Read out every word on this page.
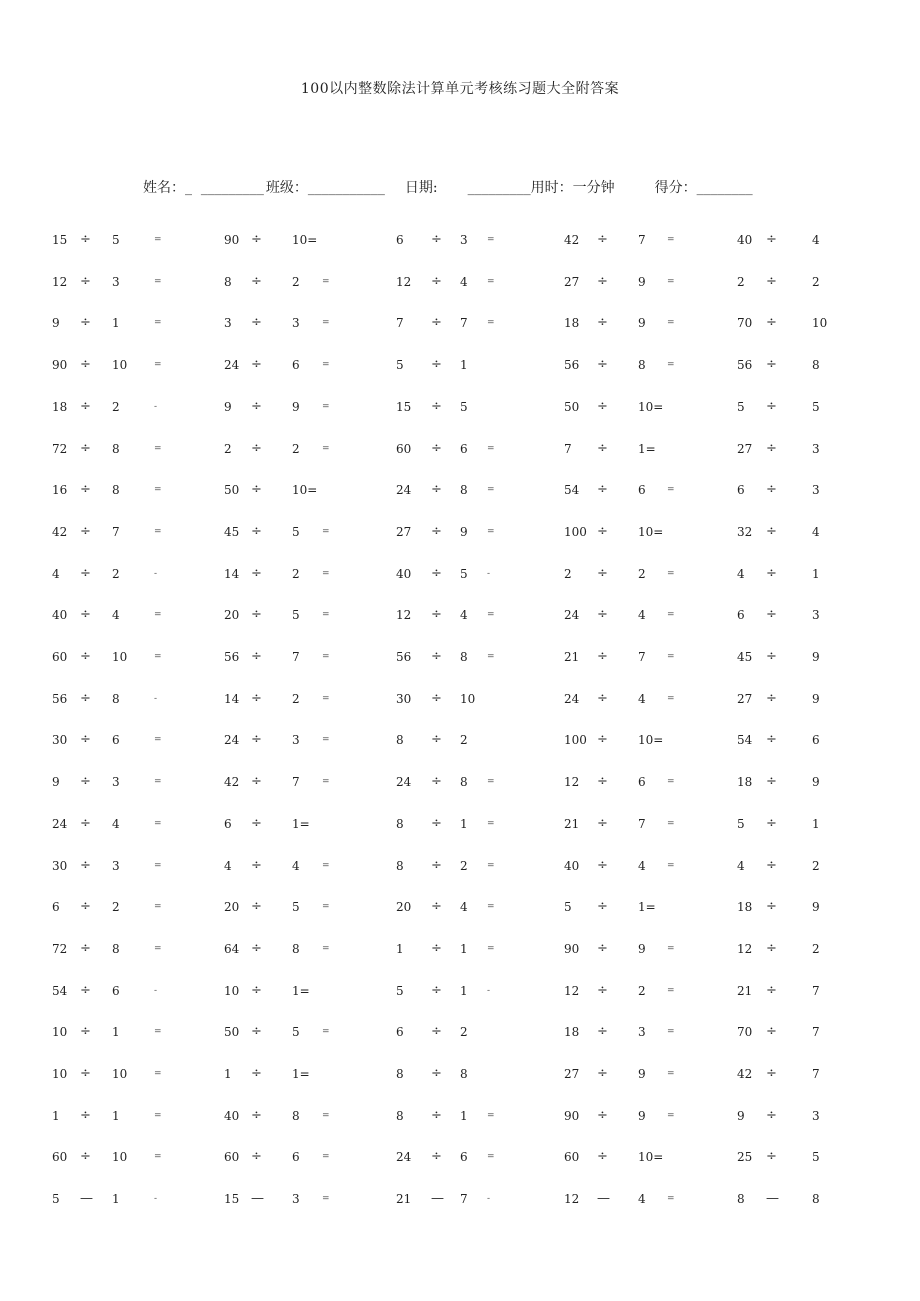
100以内整数除法计算单元考核练习题大全附答案
姓名：_  _________ 班级：___________ 日期: _________用时：一分钟	得分：________
15 ÷ 5	=	90 ÷	10=	6 ÷ 3 =	42 ÷	7 =	40 ÷	4
12 ÷ 3	=	8 ÷	2 =	12 ÷ 4 =	27 ÷	9 =	2 ÷	2
9 ÷ 1	=	3 ÷	3 =	7 ÷ 7 =	18 ÷	9 =	70 ÷	10
90 ÷ 10	=	24 ÷	6 =	5 ÷ 1	56 ÷	8 =	56 ÷	8
18 ÷ 2	-	9 ÷	9 =	15 ÷ 5	50 ÷	10=	5 ÷	5
72 ÷ 8	=	2 ÷	2 =	60 ÷ 6 =	7 ÷	1=	27 ÷	3
16 ÷ 8	=	50 ÷	10=	24 ÷ 8 =	54 ÷	6 =	6 ÷	3
42 ÷ 7	=	45 ÷	5 =	27 ÷ 9 =	100 ÷	10=	32 ÷	4
4 ÷ 2	-	14 ÷	2 =	40 ÷ 5 -	2 ÷	2 =	4 ÷	1
40 ÷ 4	=	20 ÷	5 =	12 ÷ 4 =	24 ÷	4 =	6 ÷	3
60 ÷ 10	=	56 ÷	7 =	56 ÷ 8 =	21 ÷	7 =	45 ÷	9
56 ÷ 8	-	14 ÷	2 =	30 ÷ 10	24 ÷	4 =	27 ÷	9
30 ÷ 6	=	24 ÷	3 =	8 ÷ 2	100 ÷	10=	54 ÷	6
9 ÷ 3	=	42 ÷	7 =	24 ÷ 8 =	12 ÷	6 =	18 ÷	9
24 ÷ 4	=	6 ÷	1=	8 ÷ 1 =	21 ÷	7 =	5 ÷	1
30 ÷ 3	=	4 ÷	4 =	8 ÷ 2 =	40 ÷	4 =	4 ÷	2
6 ÷ 2	=	20 ÷	5 =	20 ÷ 4 =	5 ÷	1=	18 ÷	9
72 ÷ 8	=	64 ÷	8 =	1 ÷ 1 =	90 ÷	9 =	12 ÷	2
54 ÷ 6	-	10 ÷	1=	5 ÷ 1 -	12 ÷	2 =	21 ÷	7
10 ÷ 1	=	50 ÷	5 =	6 ÷ 2	18 ÷	3 =	70 ÷	7
10 ÷ 10	=	1 ÷	1=	8 ÷ 8	27 ÷	9 =	42 ÷	7
1 ÷ 1	=	40 ÷	8 =	8 ÷ 1 =	90 ÷	9 =	9 ÷	3
60 ÷ 10	=	60 ÷	6 =	24 ÷ 6 =	60 ÷	10=	25 ÷	5
5 — 1	-	15 — 3 =	21 — 7 -	12 — 4 =	8 —	8
